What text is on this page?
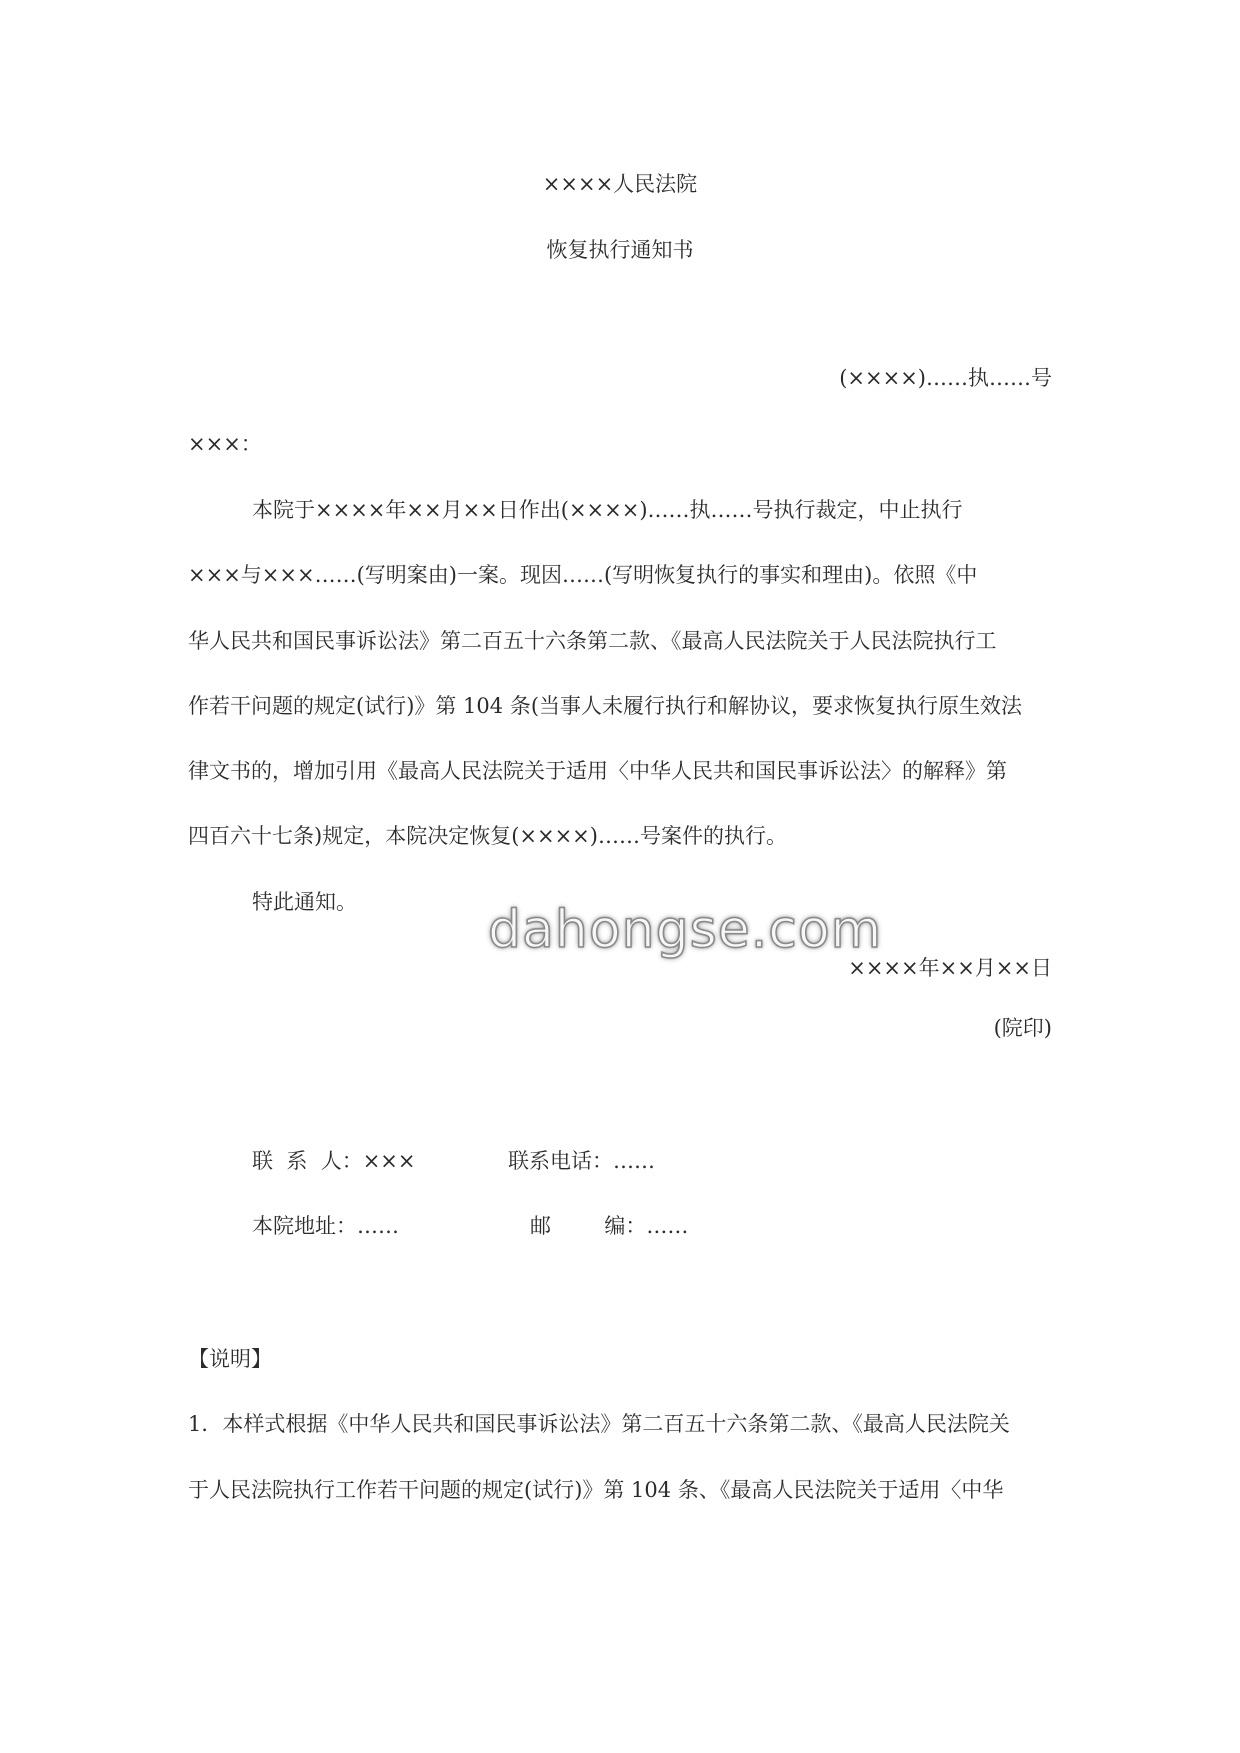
××××人民法院
恢复执行通知书
(××××)……执……号
×××：
本院于××××年××月××日作出(××××)……执……号执行裁定，中止执行
×××与×××……(写明案由)一案。现因……(写明恢复执行的事实和理由)。依照《中
华人民共和国民事诉讼法》第二百五十六条第二款、《最高人民法院关于人民法院执行工
作若干问题的规定(试行)》第 104 条(当事人未履行执行和解协议，要求恢复执行原生效法
律文书的，增加引用《最高人民法院关于适用〈中华人民共和国民事诉讼法〉的解释》第
四百六十七条)规定，本院决定恢复(××××)……号案件的执行。
特此通知。
××××年××月××日
(院印)
联  系  人：×××	联系电话：……
本院地址：……	邮        编：……
【说明】
1．本样式根据《中华人民共和国民事诉讼法》第二百五十六条第二款、《最高人民法院关
于人民法院执行工作若干问题的规定(试行)》第 104 条、《最高人民法院关于适用〈中华
dahongse.com
